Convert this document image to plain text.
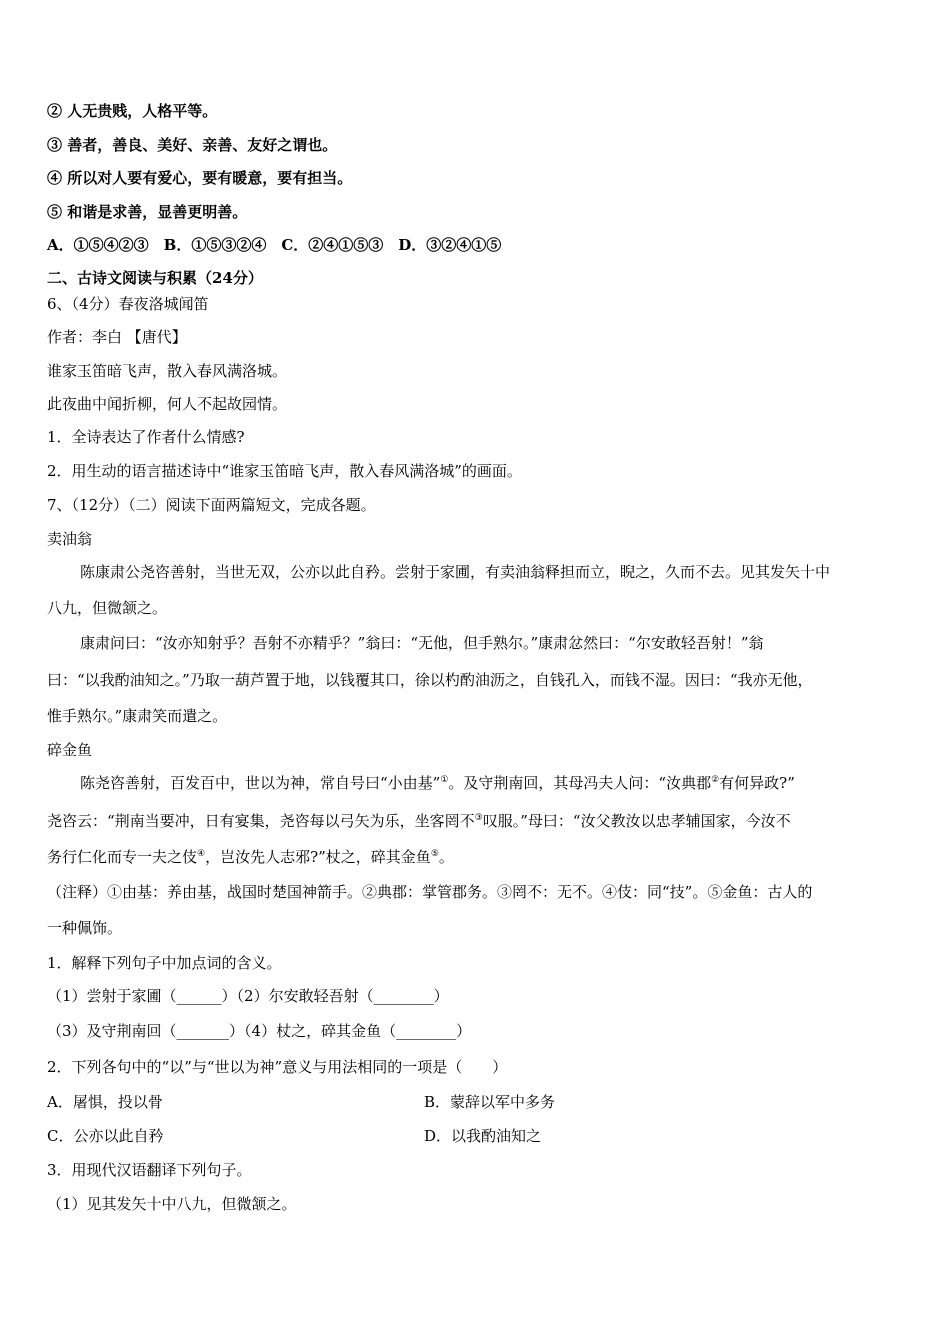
② 人无贵贱，人格平等。
③ 善者，善良、美好、亲善、友好之谓也。
④ 所以对人要有爱心，要有暖意，要有担当。
⑤ 和谐是求善，显善更明善。
A．①⑤④②③　B．①⑤③②④　C．②④①⑤③　D．③②④①⑤
二、古诗文阅读与积累（24分）
6、（4分）春夜洛城闻笛
作者：李白 【唐代】
谁家玉笛暗飞声，散入春风满洛城。
此夜曲中闻折柳，何人不起故园情。
1．全诗表达了作者什么情感?
2．用生动的语言描述诗中“谁家玉笛暗飞声，散入春风满洛城”的画面。
7、（12分）（二）阅读下面两篇短文，完成各题。
卖油翁
陈康肃公尧咨善射，当世无双，公亦以此自矜。尝射于家圃，有卖油翁释担而立，睨之，久而不去。见其发矢十中
八九，但微颔之。
康肃问曰：“汝亦知射乎？吾射不亦精乎？”翁曰：“无他，但手熟尔。”康肃忿然曰：“尔安敢轻吾射！”翁
曰：“以我酌油知之。”乃取一葫芦置于地，以钱覆其口，徐以杓酌油沥之，自钱孔入，而钱不湿。因曰：“我亦无他，
惟手熟尔。”康肃笑而遣之。
碎金鱼
陈尧咨善射，百发百中，世以为神，常自号曰“小由基”①。及守荆南回，其母冯夫人问：“汝典郡②有何异政?”
尧咨云：“荆南当要冲，日有宴集，尧咨每以弓矢为乐，坐客罔不③叹服。”母曰：“汝父教汝以忠孝辅国家，今汝不
务行仁化而专一夫之伎④，岂汝先人志邪?”杖之，碎其金鱼⑤。
（注释）①由基：养由基，战国时楚国神箭手。②典郡：掌管郡务。③罔不：无不。④伎：同“技”。⑤金鱼：古人的
一种佩饰。
1．解释下列句子中加点词的含义。
（1）尝射于家圃（______）（2）尔安敢轻吾射（________）
（3）及守荆南回（_______）（4）杖之，碎其金鱼（________）
2．下列各句中的“以”与“世以为神”意义与用法相同的一项是（　　）
A．屠惧，投以骨	B．蒙辞以军中多务
C．公亦以此自矜	D．以我酌油知之
3．用现代汉语翻译下列句子。
（1）见其发矢十中八九，但微颔之。
